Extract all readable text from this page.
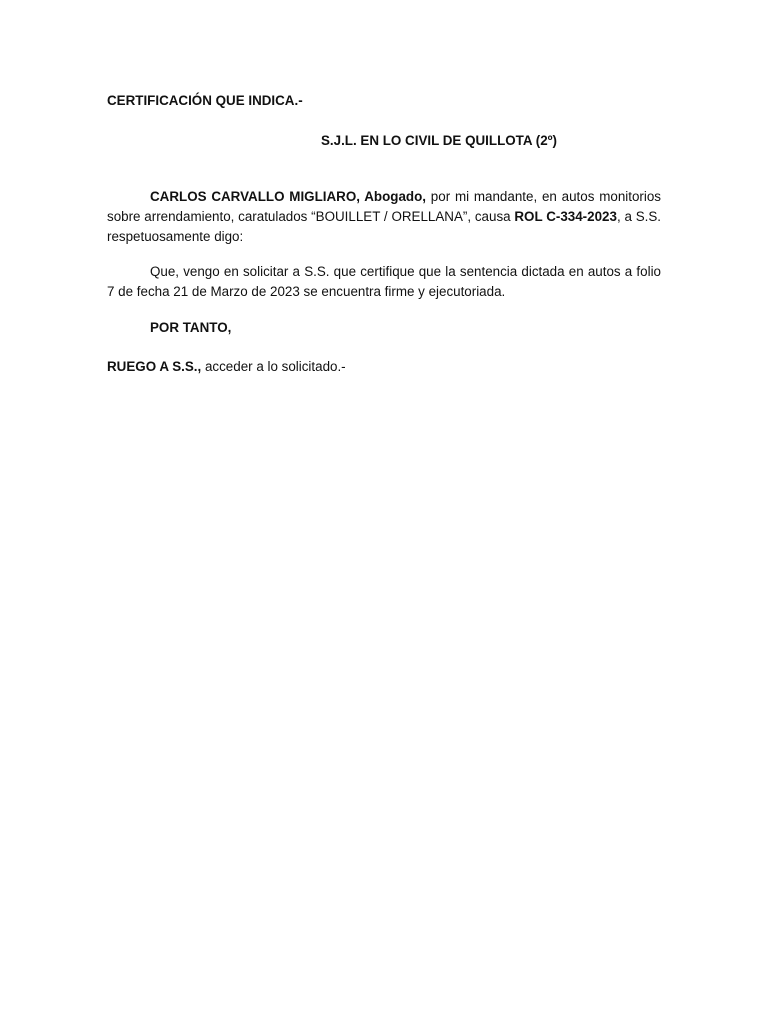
CERTIFICACIÓN QUE INDICA.-
S.J.L. EN LO CIVIL DE QUILLOTA (2º)
CARLOS CARVALLO MIGLIARO, Abogado, por mi mandante, en autos monitorios sobre arrendamiento, caratulados “BOUILLET / ORELLANA”, causa ROL C-334-2023, a S.S. respetuosamente digo:
Que, vengo en solicitar a S.S. que certifique que la sentencia dictada en autos a folio 7 de fecha 21 de Marzo de 2023 se encuentra firme y ejecutoriada.
POR TANTO,
RUEGO A S.S., acceder a lo solicitado.-
